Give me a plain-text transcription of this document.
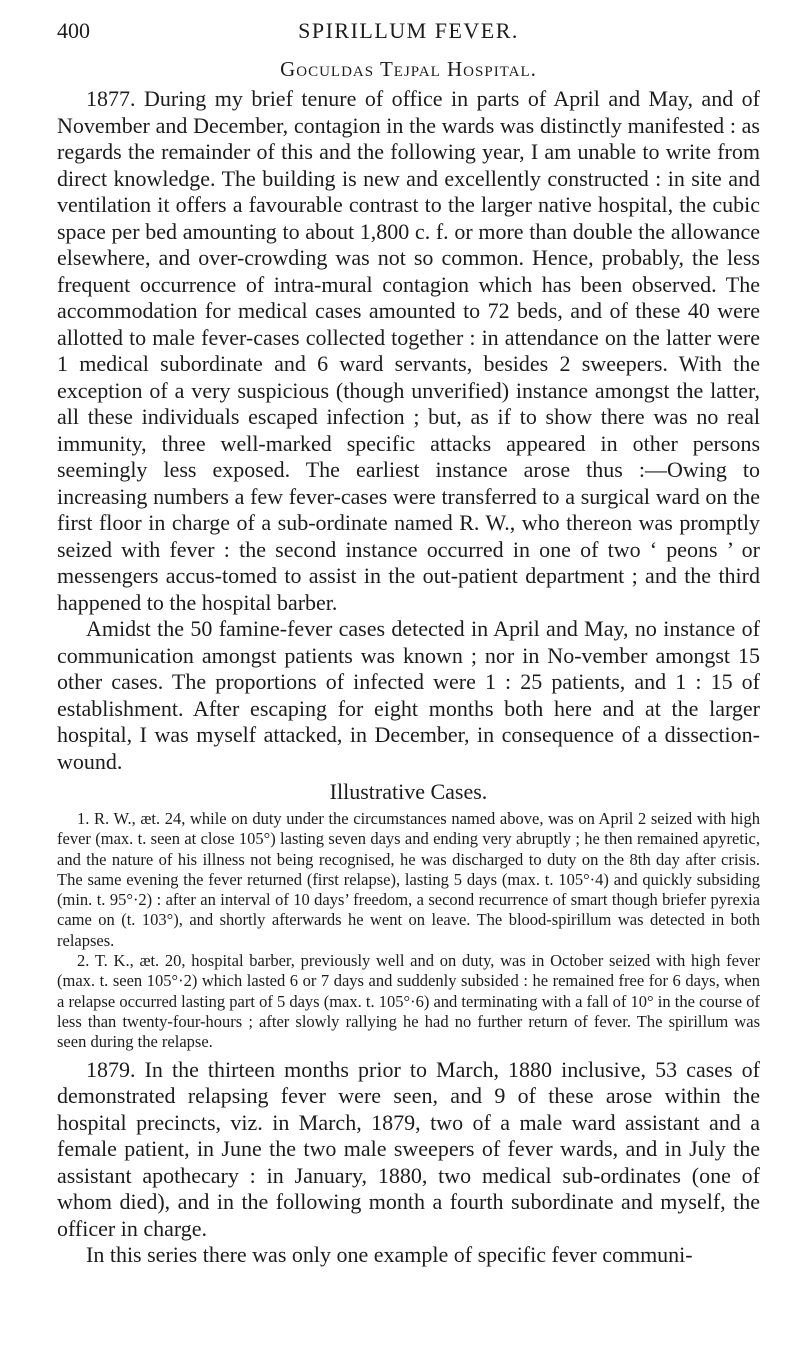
400	SPIRILLUM FEVER.
Goculdas Tejpal Hospital.

1877. During my brief tenure of office in parts of April and May, and of November and December, contagion in the wards was distinctly manifested : as regards the remainder of this and the following year, I am unable to write from direct knowledge. The building is new and excellently constructed : in site and ventilation it offers a favourable contrast to the larger native hospital, the cubic space per bed amounting to about 1,800 c. f. or more than double the allowance elsewhere, and over-crowding was not so common. Hence, probably, the less frequent occurrence of intra-mural contagion which has been observed. The accommodation for medical cases amounted to 72 beds, and of these 40 were allotted to male fever-cases collected together : in attendance on the latter were 1 medical subordinate and 6 ward servants, besides 2 sweepers. With the exception of a very suspicious (though unverified) instance amongst the latter, all these individuals escaped infection ; but, as if to show there was no real immunity, three well-marked specific attacks appeared in other persons seemingly less exposed. The earliest instance arose thus :—Owing to increasing numbers a few fever-cases were transferred to a surgical ward on the first floor in charge of a sub-ordinate named R. W., who thereon was promptly seized with fever : the second instance occurred in one of two ‘ peons ’ or messengers accus-tomed to assist in the out-patient department ; and the third happened to the hospital barber.

Amidst the 50 famine-fever cases detected in April and May, no instance of communication amongst patients was known ; nor in No-vember amongst 15 other cases. The proportions of infected were 1 : 25 patients, and 1 : 15 of establishment. After escaping for eight months both here and at the larger hospital, I was myself attacked, in December, in consequence of a dissection-wound.

Illustrative Cases.

1. R. W., æt. 24, while on duty under the circumstances named above, was on April 2 seized with high fever (max. t. seen at close 105°) lasting seven days and ending very abruptly ; he then remained apyretic, and the nature of his illness not being recognised, he was discharged to duty on the 8th day after crisis. The same evening the fever returned (first relapse), lasting 5 days (max. t. 105°·4) and quickly subsiding (min. t. 95°·2) : after an interval of 10 days’ freedom, a second recurrence of smart though briefer pyrexia came on (t. 103°), and shortly afterwards he went on leave. The blood-spirillum was detected in both relapses.

2. T. K., æt. 20, hospital barber, previously well and on duty, was in October seized with high fever (max. t. seen 105°·2) which lasted 6 or 7 days and suddenly subsided : he remained free for 6 days, when a relapse occurred lasting part of 5 days (max. t. 105°·6) and terminating with a fall of 10° in the course of less than twenty-four-hours ; after slowly rallying he had no further return of fever. The spirillum was seen during the relapse.

1879. In the thirteen months prior to March, 1880 inclusive, 53 cases of demonstrated relapsing fever were seen, and 9 of these arose within the hospital precincts, viz. in March, 1879, two of a male ward assistant and a female patient, in June the two male sweepers of fever wards, and in July the assistant apothecary : in January, 1880, two medical sub-ordinates (one of whom died), and in the following month a fourth subordinate and myself, the officer in charge.

In this series there was only one example of specific fever communi-
